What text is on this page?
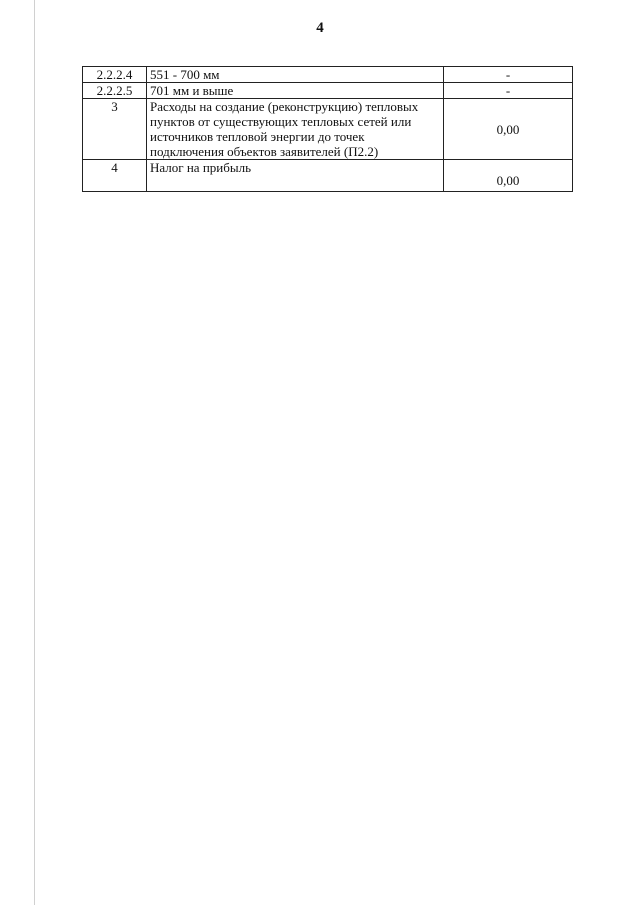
4
2.2.2.4	551 - 700 мм	-
2.2.2.5	701 мм и выше	-
3	Расходы на создание (реконструкцию) тепловых пунктов от существующих тепловых сетей или источников тепловой энергии до точек подключения объектов заявителей (П2.2)	0,00
4	Налог на прибыль	0,00
